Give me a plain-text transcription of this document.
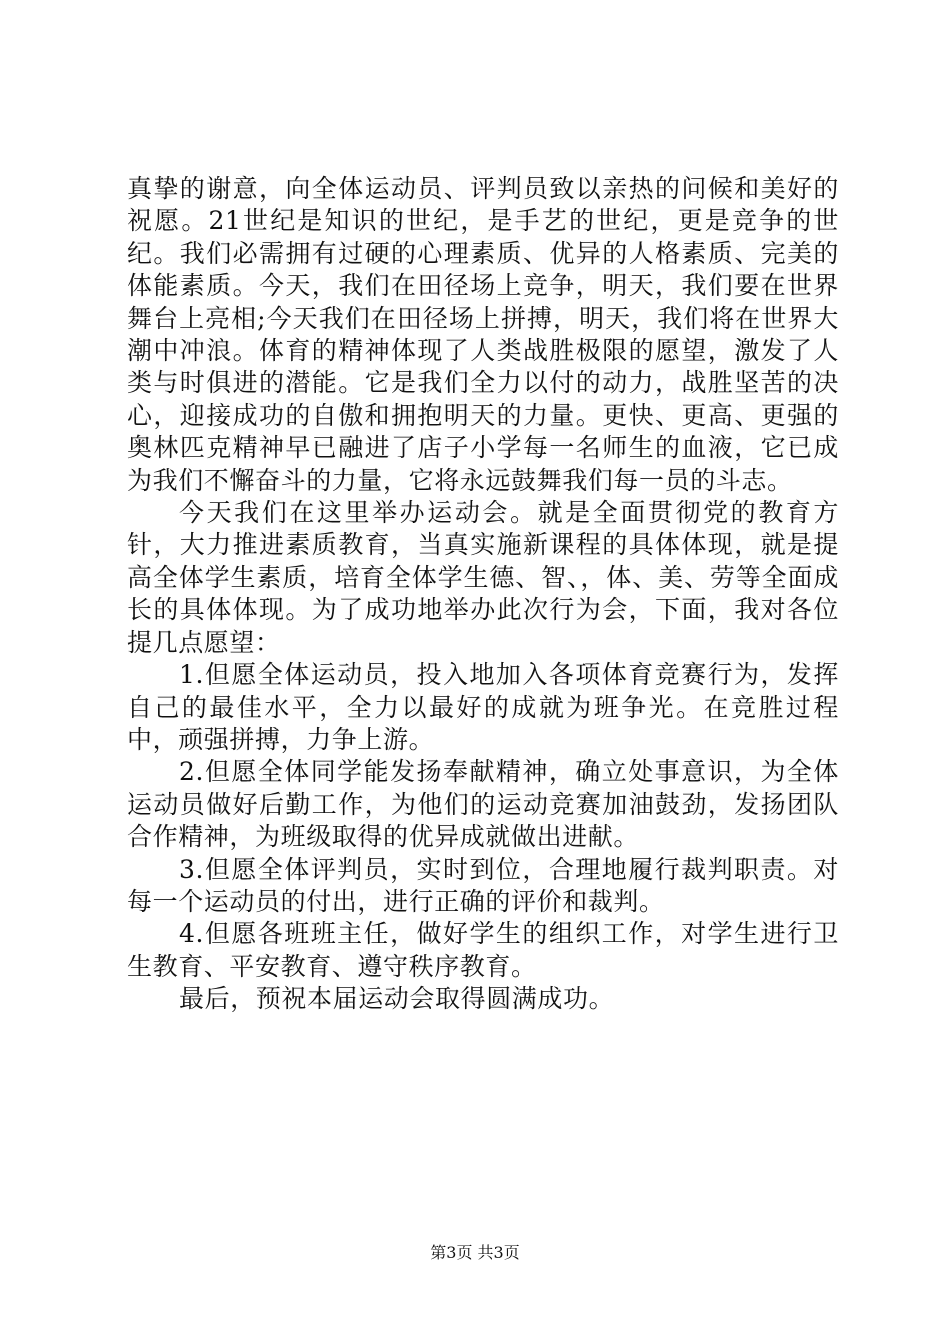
真挚的谢意，向全体运动员、评判员致以亲热的问候和美好的祝愿。21世纪是知识的世纪，是手艺的世纪，更是竞争的世纪。我们必需拥有过硬的心理素质、优异的人格素质、完美的体能素质。今天，我们在田径场上竞争，明天，我们要在世界舞台上亮相;今天我们在田径场上拼搏，明天，我们将在世界大潮中冲浪。体育的精神体现了人类战胜极限的愿望，激发了人类与时俱进的潜能。它是我们全力以付的动力，战胜坚苦的决心，迎接成功的自傲和拥抱明天的力量。更快、更高、更强的奥林匹克精神早已融进了店子小学每一名师生的血液，它已成为我们不懈奋斗的力量，它将永远鼓舞我们每一员的斗志。

今天我们在这里举办运动会。就是全面贯彻党的教育方针，大力推进素质教育，当真实施新课程的具体体现，就是提高全体学生素质，培育全体学生德、智、，体、美、劳等全面成长的具体体现。为了成功地举办此次行为会，下面，我对各位提几点愿望：

1.但愿全体运动员，投入地加入各项体育竞赛行为，发挥自己的最佳水平，全力以最好的成就为班争光。在竞胜过程中，顽强拼搏，力争上游。

2.但愿全体同学能发扬奉献精神，确立处事意识，为全体运动员做好后勤工作，为他们的运动竞赛加油鼓劲，发扬团队合作精神，为班级取得的优异成就做出进献。

3.但愿全体评判员，实时到位，合理地履行裁判职责。对每一个运动员的付出，进行正确的评价和裁判。

4.但愿各班班主任，做好学生的组织工作，对学生进行卫生教育、平安教育、遵守秩序教育。

最后，预祝本届运动会取得圆满成功。

第3页 共3页
